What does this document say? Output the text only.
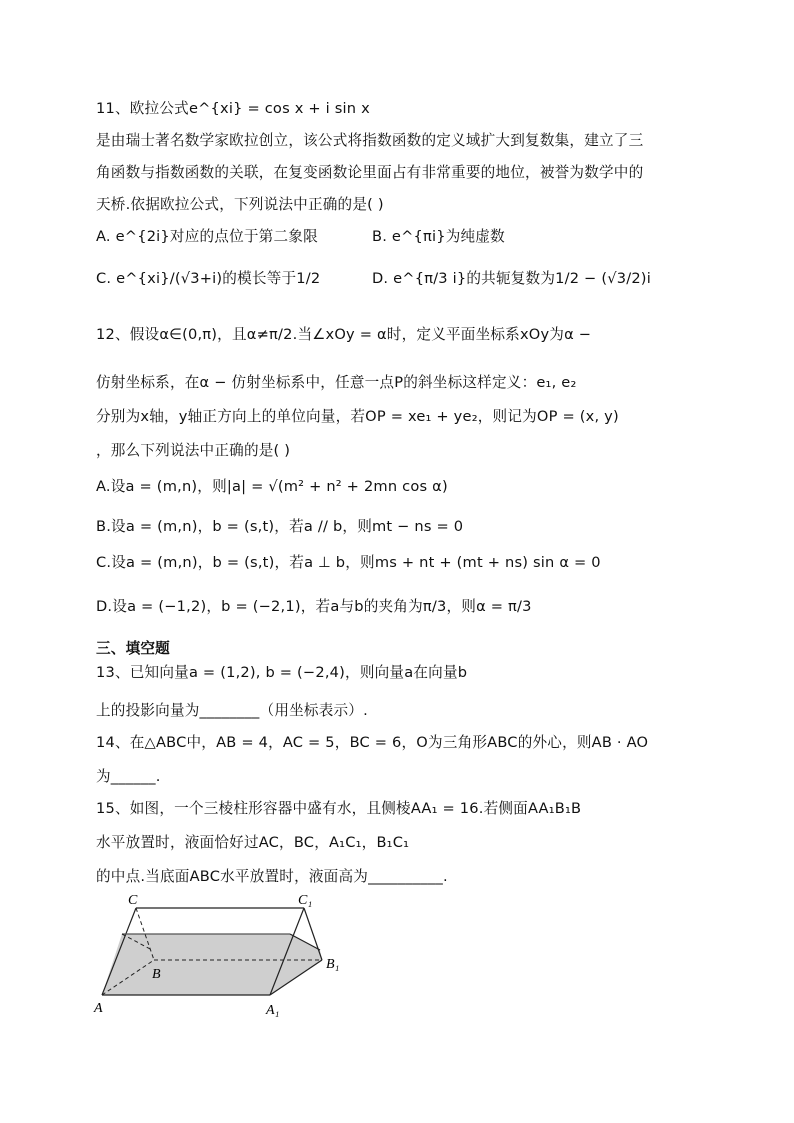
11、欧拉公式e^{xi} = cos x + i sin x
是由瑞士著名数学家欧拉创立，该公式将指数函数的定义域扩大到复数集，建立了三
角函数与指数函数的关联，在复变函数论里面占有非常重要的地位，被誉为数学中的
天桥.依据欧拉公式，下列说法中正确的是( )
A. e^{2i}对应的点位于第二象限	B. e^{πi}为纯虚数
C. e^{xi}/(√3+i)的模长等于1/2	D. e^{π/3 i}的共轭复数为1/2 − (√3/2)i
12、假设α∈(0,π)，且α≠π/2.当∠xOy = α时，定义平面坐标系xOy为α −
仿射坐标系，在α − 仿射坐标系中，任意一点P的斜坐标这样定义：e₁, e₂
分别为x轴，y轴正方向上的单位向量，若OP = xe₁ + ye₂，则记为OP = (x, y)
，那么下列说法中正确的是( )
A.设a = (m,n)，则|a| = √(m² + n² + 2mn cos α)
B.设a = (m,n)，b = (s,t)，若a // b，则mt − ns = 0
C.设a = (m,n)，b = (s,t)，若a ⊥ b，则ms + nt + (mt + ns) sin α = 0
D.设a = (−1,2)，b = (−2,1)，若a与b的夹角为π/3，则α = π/3
三、填空题
13、已知向量a = (1,2), b = (−2,4)，则向量a在向量b
上的投影向量为________（用坐标表示）.
14、在△ABC中，AB = 4，AC = 5，BC = 6，O为三角形ABC的外心，则AB · AO
为______.
15、如图，一个三棱柱形容器中盛有水，且侧棱AA₁ = 16.若侧面AA₁B₁B
水平放置时，液面恰好过AC，BC，A₁C₁，B₁C₁
的中点.当底面ABC水平放置时，液面高为__________.
C	C₁
B
B₁
A	A₁
